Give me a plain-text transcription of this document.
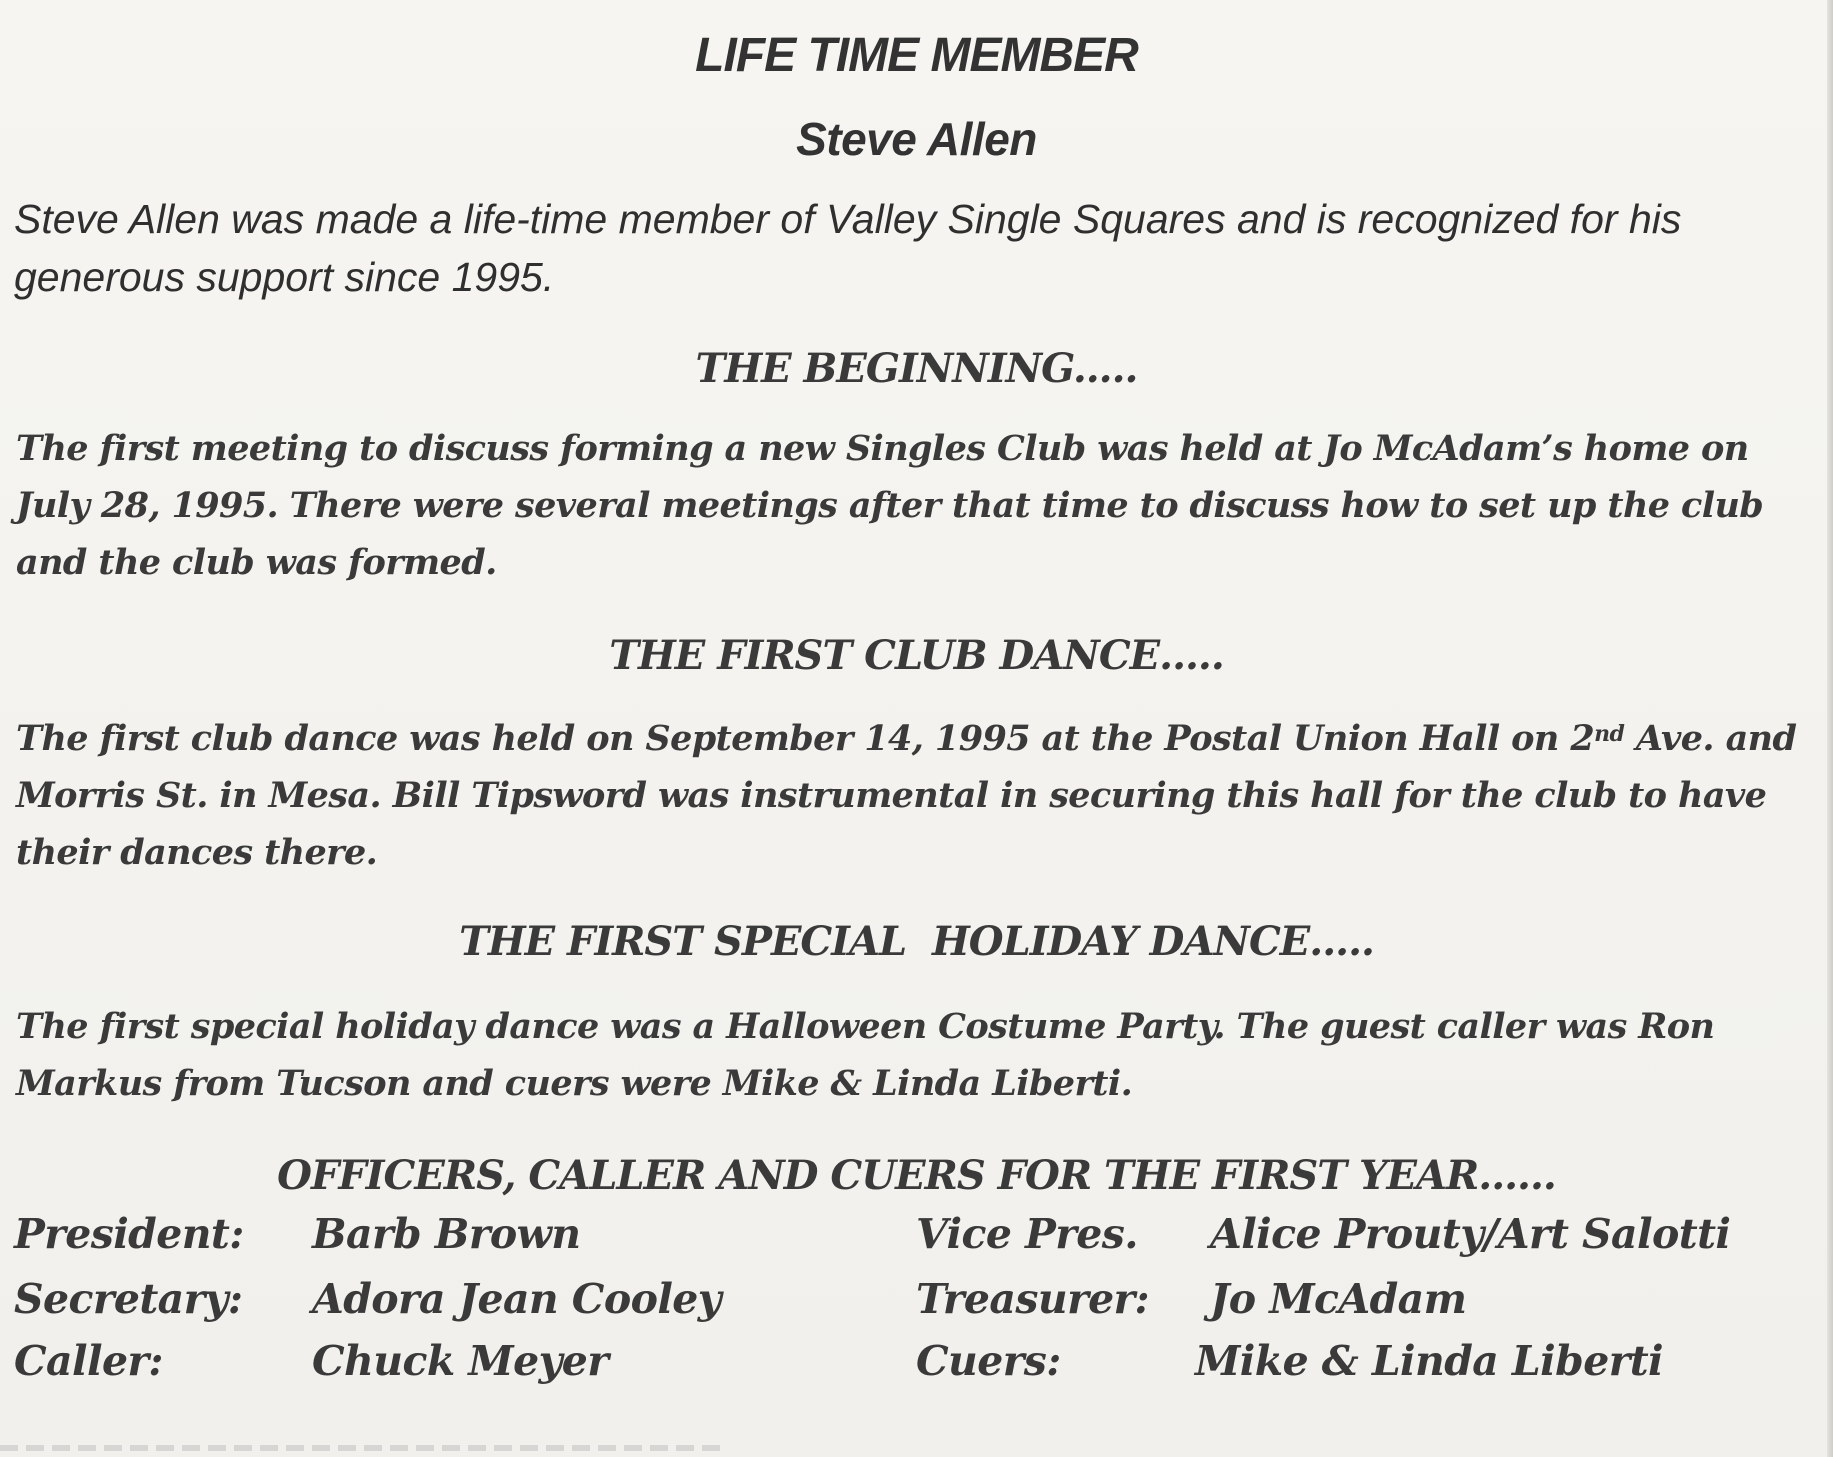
LIFE TIME MEMBER
Steve Allen

Steve Allen was made a life-time member of Valley Single Squares and is recognized for his generous support since 1995.

THE BEGINNING.....

The first meeting to discuss forming a new Singles Club was held at Jo McAdam’s home on July 28, 1995. There were several meetings after that time to discuss how to set up the club and the club was formed.

THE FIRST CLUB DANCE.....

The first club dance was held on September 14, 1995 at the Postal Union Hall on 2nd Ave. and Morris St. in Mesa. Bill Tipsword was instrumental in securing this hall for the club to have their dances there.

THE FIRST SPECIAL  HOLIDAY DANCE.....

The first special holiday dance was a Halloween Costume Party. The guest caller was Ron Markus from Tucson and cuers were Mike & Linda Liberti.

OFFICERS, CALLER AND CUERS FOR THE FIRST YEAR......
President: Barb Brown	Vice Pres. Alice Prouty/Art Salotti
Secretary: Adora Jean Cooley	Treasurer: Jo McAdam
Caller:	Chuck Meyer	Cuers:	Mike & Linda Liberti
